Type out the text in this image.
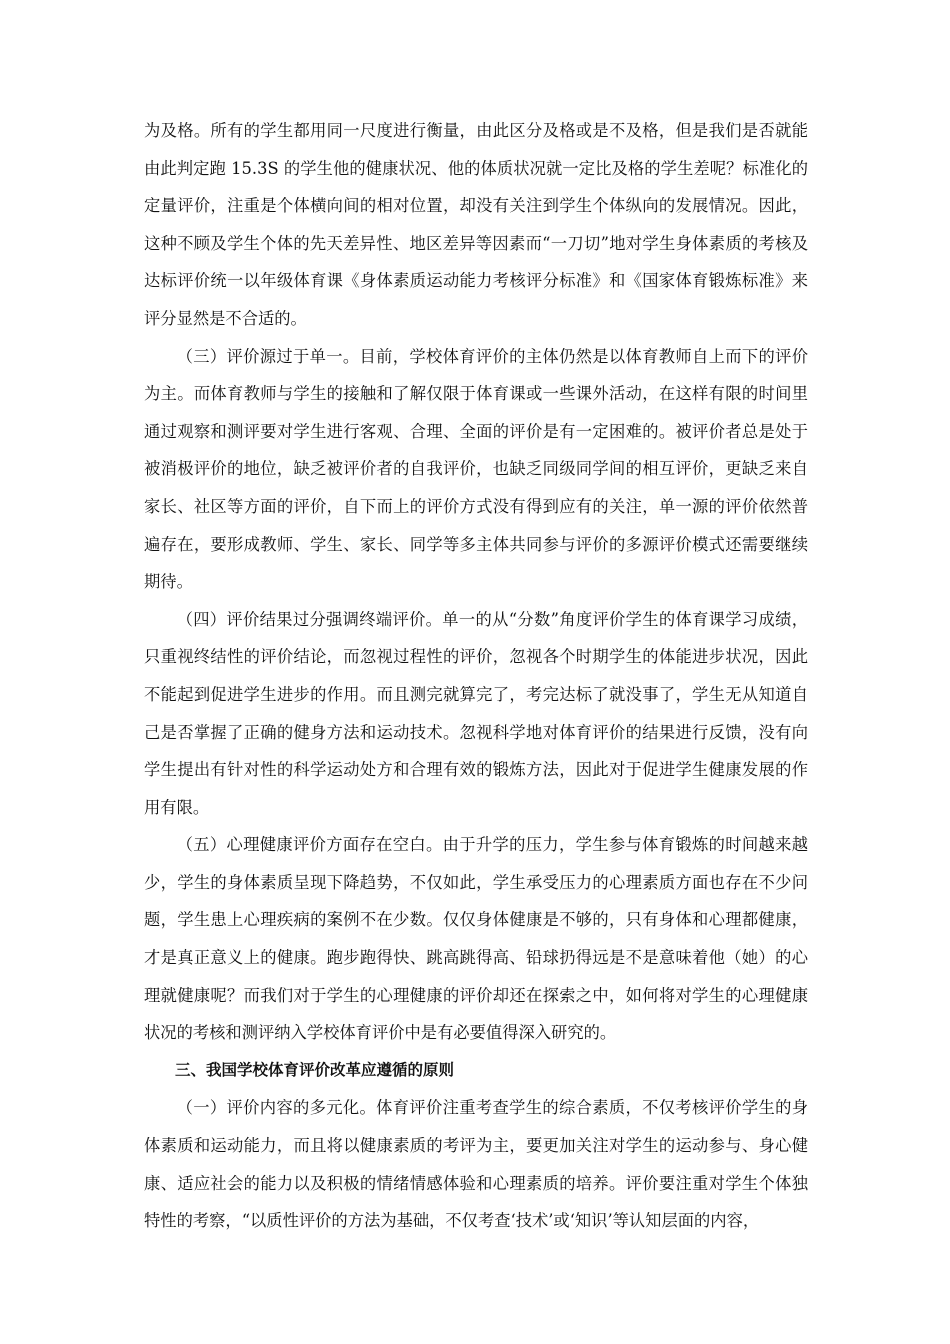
为及格。所有的学生都用同一尺度进行衡量，由此区分及格或是不及格，但是我们是否就能由此判定跑 15.3S 的学生他的健康状况、他的体质状况就一定比及格的学生差呢？标准化的定量评价，注重是个体横向间的相对位置，却没有关注到学生个体纵向的发展情况。因此，这种不顾及学生个体的先天差异性、地区差异等因素而“一刀切”地对学生身体素质的考核及达标评价统一以年级体育课《身体素质运动能力考核评分标准》和《国家体育锻炼标准》来评分显然是不合适的。

（三）评价源过于单一。目前，学校体育评价的主体仍然是以体育教师自上而下的评价为主。而体育教师与学生的接触和了解仅限于体育课或一些课外活动，在这样有限的时间里通过观察和测评要对学生进行客观、合理、全面的评价是有一定困难的。被评价者总是处于被消极评价的地位，缺乏被评价者的自我评价，也缺乏同级同学间的相互评价，更缺乏来自家长、社区等方面的评价，自下而上的评价方式没有得到应有的关注，单一源的评价依然普遍存在，要形成教师、学生、家长、同学等多主体共同参与评价的多源评价模式还需要继续期待。

（四）评价结果过分强调终端评价。单一的从“分数”角度评价学生的体育课学习成绩，只重视终结性的评价结论，而忽视过程性的评价，忽视各个时期学生的体能进步状况，因此不能起到促进学生进步的作用。而且测完就算完了，考完达标了就没事了，学生无从知道自己是否掌握了正确的健身方法和运动技术。忽视科学地对体育评价的结果进行反馈，没有向学生提出有针对性的科学运动处方和合理有效的锻炼方法，因此对于促进学生健康发展的作用有限。

（五）心理健康评价方面存在空白。由于升学的压力，学生参与体育锻炼的时间越来越少，学生的身体素质呈现下降趋势，不仅如此，学生承受压力的心理素质方面也存在不少问题，学生患上心理疾病的案例不在少数。仅仅身体健康是不够的，只有身体和心理都健康，才是真正意义上的健康。跑步跑得快、跳高跳得高、铅球扔得远是不是意味着他（她）的心理就健康呢？而我们对于学生的心理健康的评价却还在探索之中，如何将对学生的心理健康状况的考核和测评纳入学校体育评价中是有必要值得深入研究的。

三、我国学校体育评价改革应遵循的原则

（一）评价内容的多元化。体育评价注重考查学生的综合素质，不仅考核评价学生的身体素质和运动能力，而且将以健康素质的考评为主，要更加关注对学生的运动参与、身心健康、适应社会的能力以及积极的情绪情感体验和心理素质的培养。评价要注重对学生个体独特性的考察，“以质性评价的方法为基础，不仅考查‘技术’或‘知识’等认知层面的内容，
